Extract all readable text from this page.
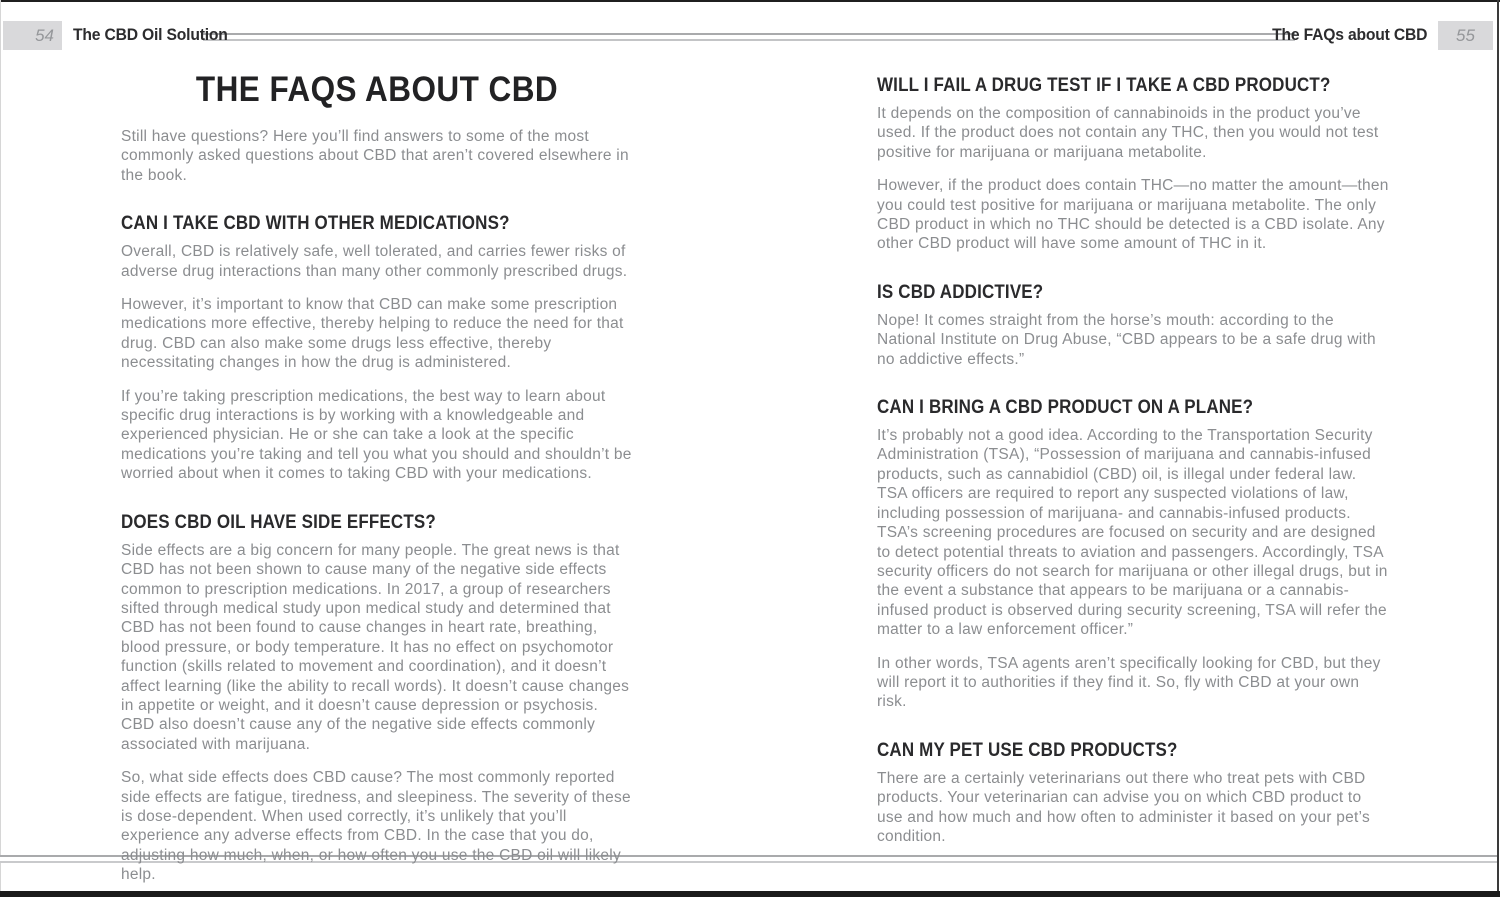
54 The CBD Oil Solution	The FAQs about CBD 55
THE FAQS ABOUT CBD

Still have questions? Here you’ll find answers to some of the most commonly asked questions about CBD that aren’t covered elsewhere in the book.

CAN I TAKE CBD WITH OTHER MEDICATIONS?

Overall, CBD is relatively safe, well tolerated, and carries fewer risks of adverse drug interactions than many other commonly prescribed drugs.

However, it’s important to know that CBD can make some prescription medications more effective, thereby helping to reduce the need for that drug. CBD can also make some drugs less effective, thereby necessitating changes in how the drug is administered.

If you’re taking prescription medications, the best way to learn about specific drug interactions is by working with a knowledgeable and experienced physician. He or she can take a look at the specific medications you’re taking and tell you what you should and shouldn’t be worried about when it comes to taking CBD with your medications.

DOES CBD OIL HAVE SIDE EFFECTS?

Side effects are a big concern for many people. The great news is that CBD has not been shown to cause many of the negative side effects common to prescription medications. In 2017, a group of researchers sifted through medical study upon medical study and determined that CBD has not been found to cause changes in heart rate, breathing, blood pressure, or body temperature. It has no effect on psychomotor function (skills related to movement and coordination), and it doesn’t affect learning (like the ability to recall words). It doesn’t cause changes in appetite or weight, and it doesn’t cause depression or psychosis. CBD also doesn’t cause any of the negative side effects commonly associated with marijuana.

So, what side effects does CBD cause? The most commonly reported side effects are fatigue, tiredness, and sleepiness. The severity of these is dose-dependent. When used correctly, it’s unlikely that you’ll experience any adverse effects from CBD. In the case that you do, adjusting how much, when, or how often you use the CBD oil will likely help.

WILL I FAIL A DRUG TEST IF I TAKE A CBD PRODUCT?

It depends on the composition of cannabinoids in the product you’ve used. If the product does not contain any THC, then you would not test positive for marijuana or marijuana metabolite.

However, if the product does contain THC—no matter the amount—then you could test positive for marijuana or marijuana metabolite. The only CBD product in which no THC should be detected is a CBD isolate. Any other CBD product will have some amount of THC in it.

IS CBD ADDICTIVE?

Nope! It comes straight from the horse’s mouth: according to the National Institute on Drug Abuse, “CBD appears to be a safe drug with no addictive effects.”

CAN I BRING A CBD PRODUCT ON A PLANE?

It’s probably not a good idea. According to the Transportation Security Administration (TSA), “Possession of marijuana and cannabis-infused products, such as cannabidiol (CBD) oil, is illegal under federal law. TSA officers are required to report any suspected violations of law, including possession of marijuana- and cannabis-infused products. TSA’s screening procedures are focused on security and are designed to detect potential threats to aviation and passengers. Accordingly, TSA security officers do not search for marijuana or other illegal drugs, but in the event a substance that appears to be marijuana or a cannabis-infused product is observed during security screening, TSA will refer the matter to a law enforcement officer.”

In other words, TSA agents aren’t specifically looking for CBD, but they will report it to authorities if they find it. So, fly with CBD at your own risk.

CAN MY PET USE CBD PRODUCTS?

There are a certainly veterinarians out there who treat pets with CBD products. Your veterinarian can advise you on which CBD product to use and how much and how often to administer it based on your pet’s condition.
